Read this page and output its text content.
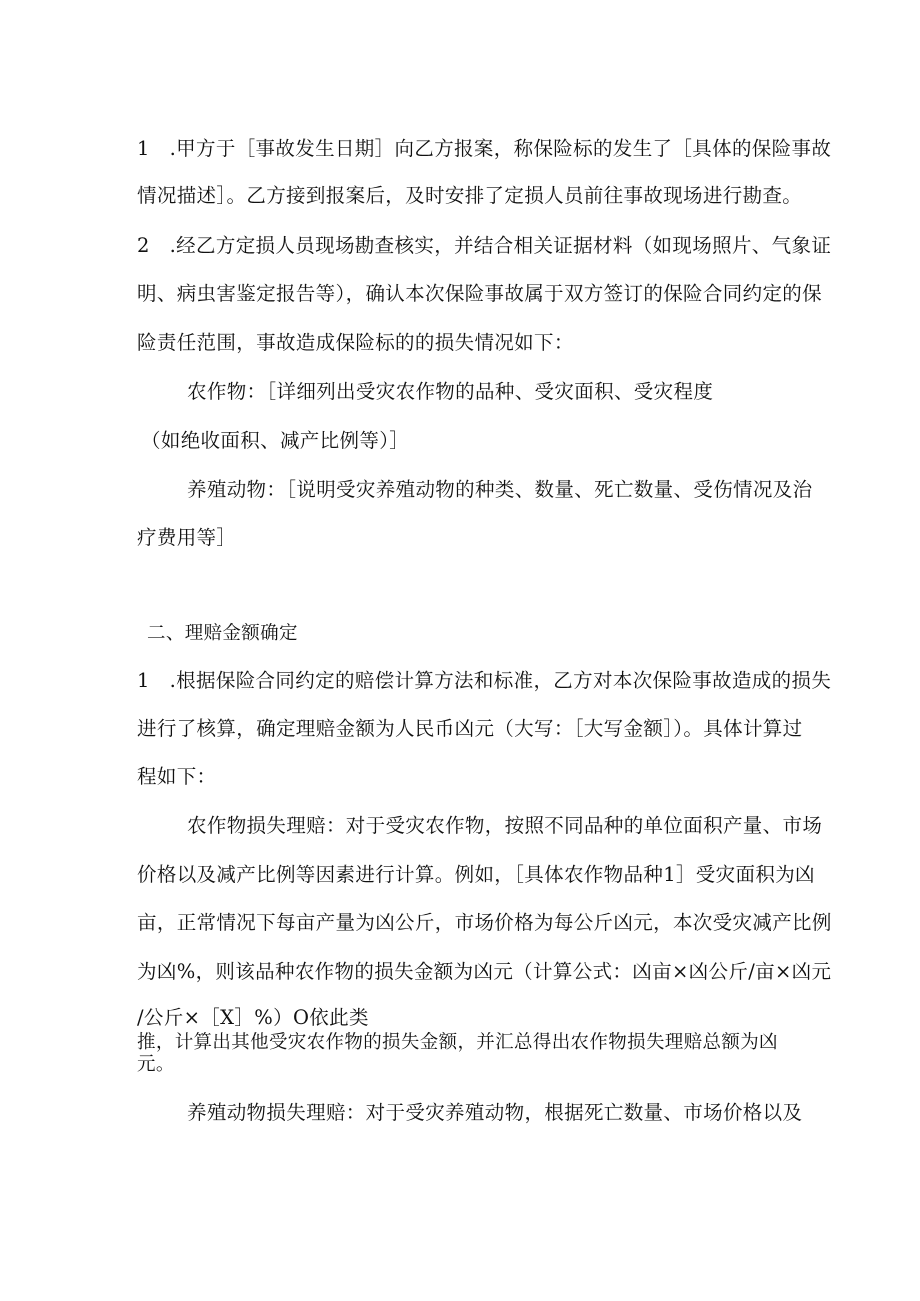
1　.甲方于［事故发生日期］向乙方报案，称保险标的发生了［具体的保险事故
情况描述］。乙方接到报案后，及时安排了定损人员前往事故现场进行勘查。
2　.经乙方定损人员现场勘查核实，并结合相关证据材料（如现场照片、气象证
明、病虫害鉴定报告等），确认本次保险事故属于双方签订的保险合同约定的保
险责任范围，事故造成保险标的的损失情况如下：
农作物：［详细列出受灾农作物的品种、受灾面积、受灾程度
（如绝收面积、减产比例等）］
养殖动物：［说明受灾养殖动物的种类、数量、死亡数量、受伤情况及治
疗费用等］
二、理赔金额确定
1　.根据保险合同约定的赔偿计算方法和标准，乙方对本次保险事故造成的损失
进行了核算，确定理赔金额为人民币凶元（大写：［大写金额］）。具体计算过
程如下：
农作物损失理赔：对于受灾农作物，按照不同品种的单位面积产量、市场
价格以及减产比例等因素进行计算。例如，［具体农作物品种1］受灾面积为凶
亩，正常情况下每亩产量为凶公斤，市场价格为每公斤凶元，本次受灾减产比例
为凶%，则该品种农作物的损失金额为凶元（计算公式：凶亩×凶公斤/亩×凶元
/公斤×［X］%）O依此类
推，计算出其他受灾农作物的损失金额，并汇总得出农作物损失理赔总额为凶
元。
养殖动物损失理赔：对于受灾养殖动物，根据死亡数量、市场价格以及
